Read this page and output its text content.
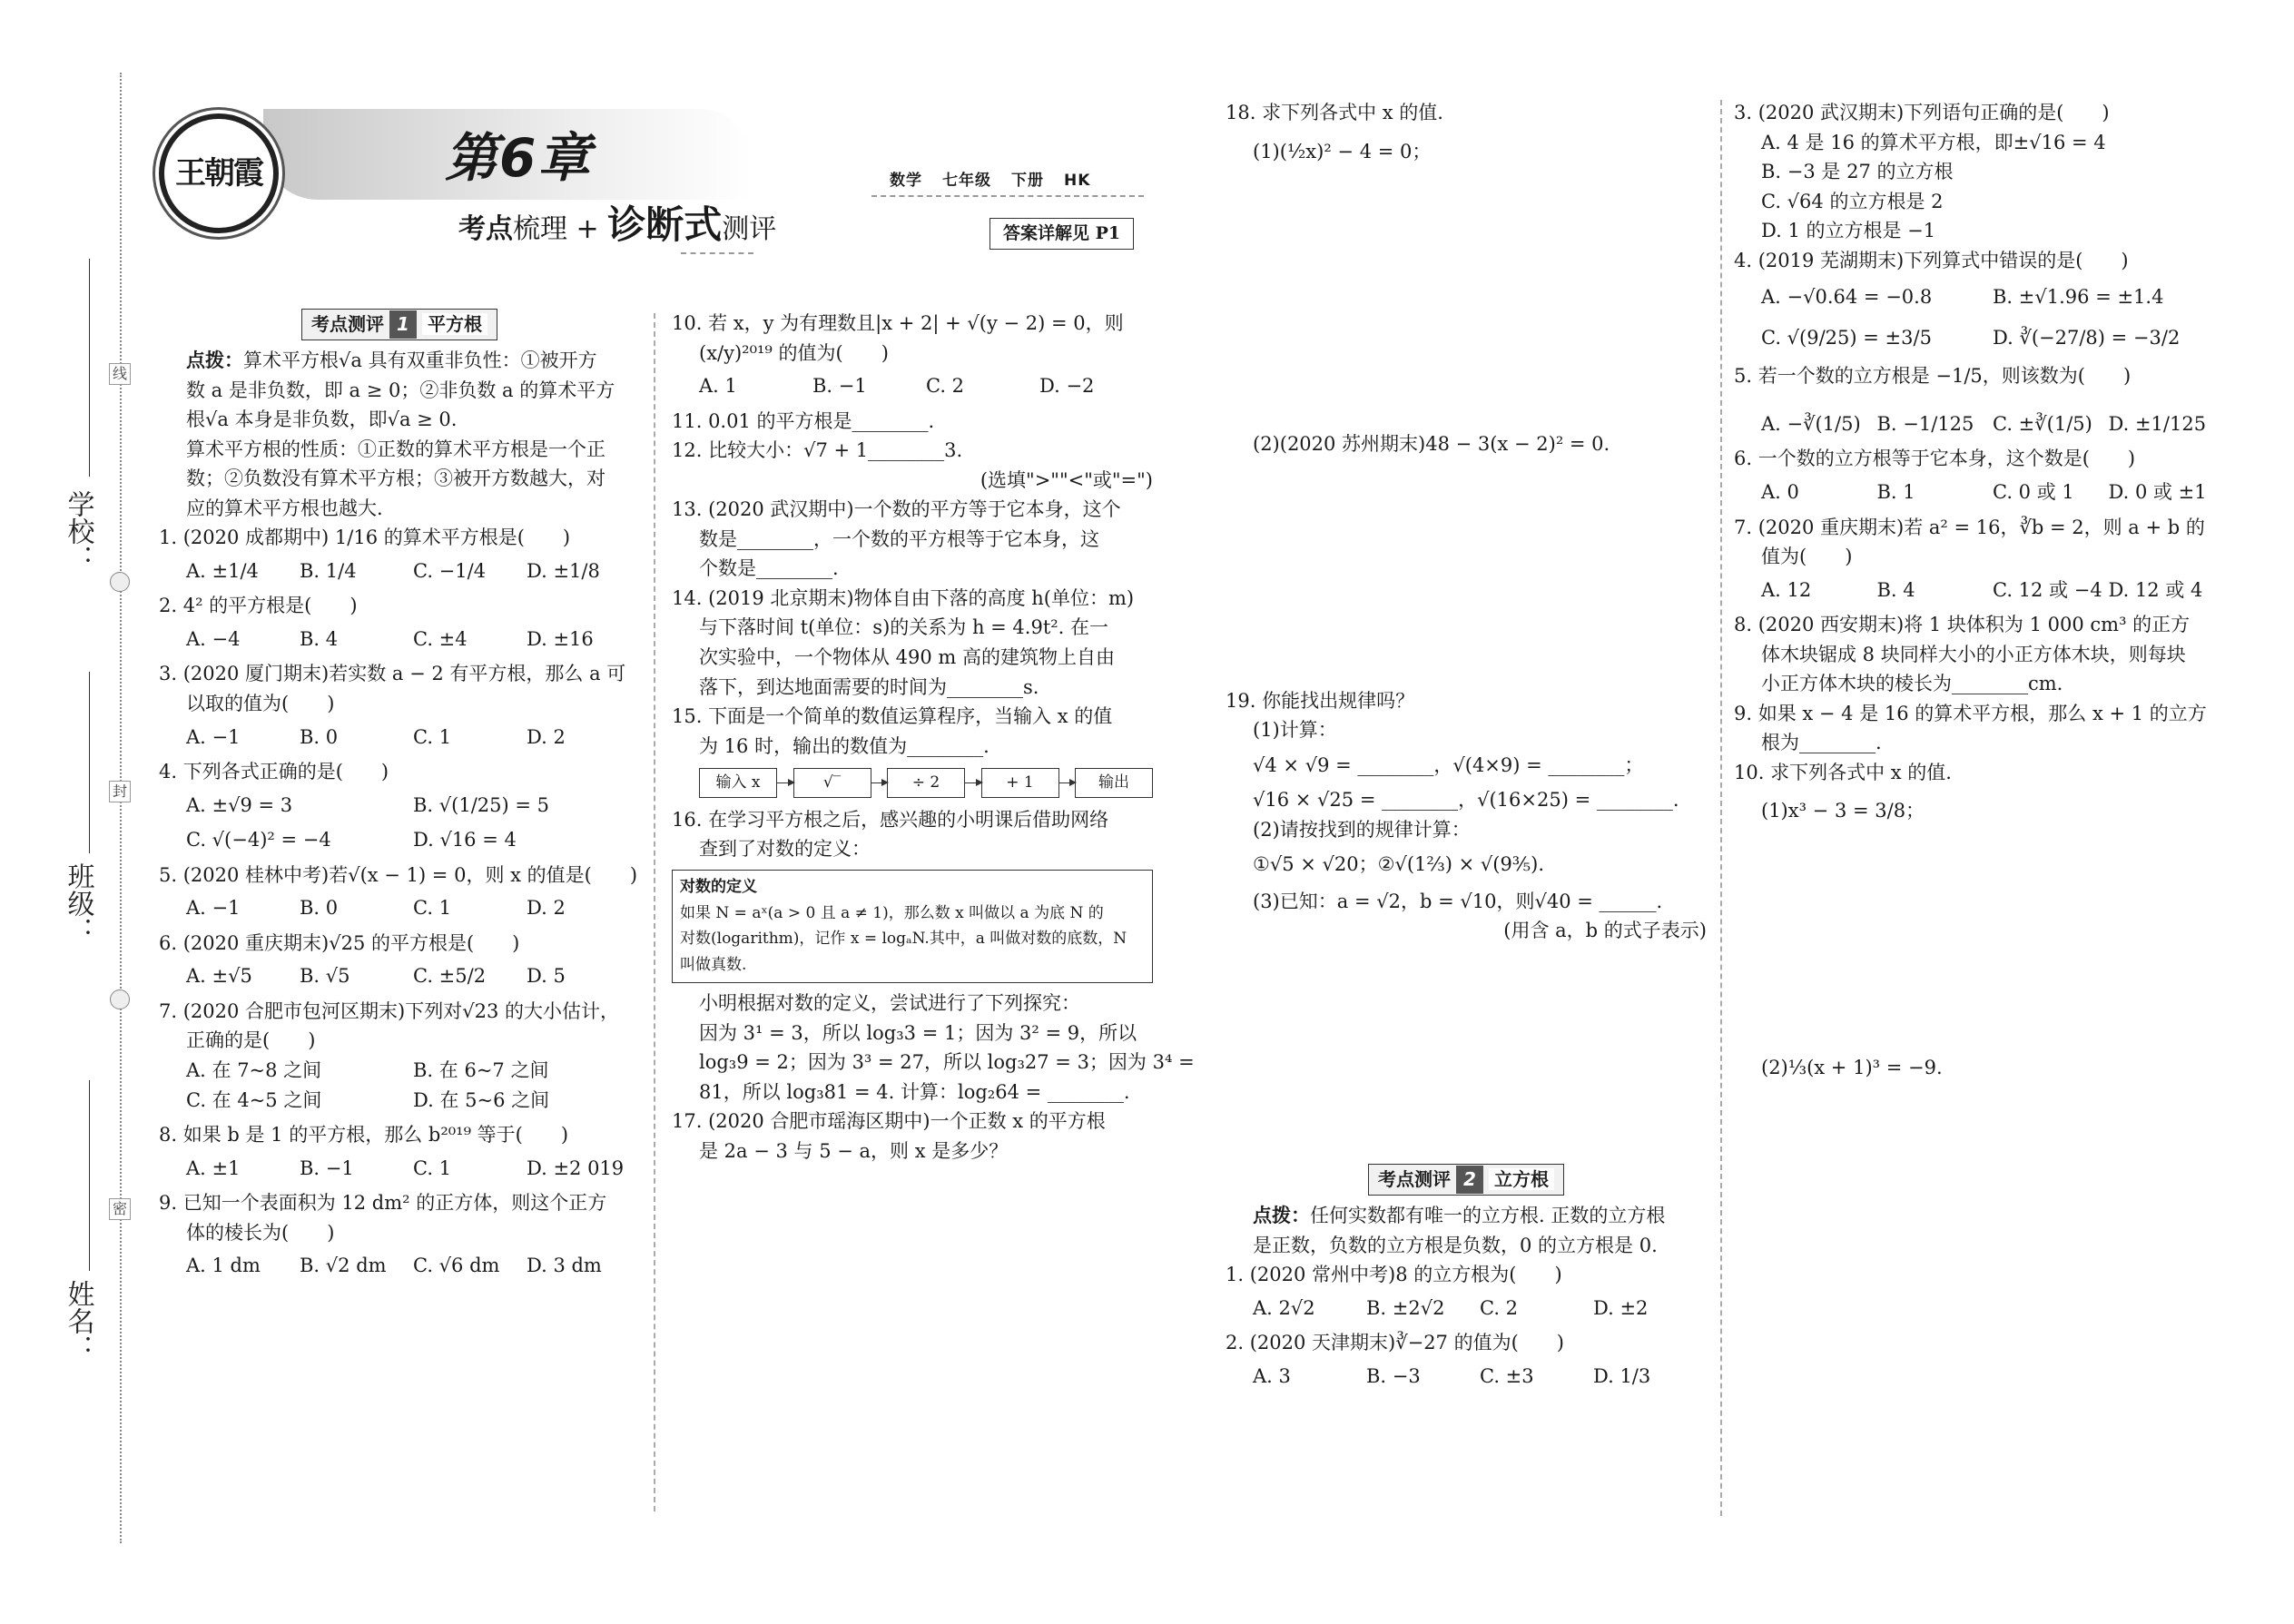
学校：
班级：
姓名：
线
封
密
王朝霞	第6章
考点梳理 + 诊断式测评
数学 七年级 下册 HK
答案详解见 P1
考点测评 1 平方根
点拨：算术平方根√a 具有双重非负性：①被开方
数 a 是非负数，即 a ≥ 0；②非负数 a 的算术平方
根√a 本身是非负数，即√a ≥ 0.
算术平方根的性质：①正数的算术平方根是一个正
数；②负数没有算术平方根；③被开方数越大，对
应的算术平方根也越大.
1. (2020 成都期中) 1/16 的算术平方根是(　　)
A. ±1/4	B. 1/4	C. −1/4	D. ±1/8
2. 4² 的平方根是(　　)
A. −4	B. 4	C. ±4	D. ±16
3. (2020 厦门期末)若实数 a − 2 有平方根，那么 a 可
以取的值为(　　)
A. −1	B. 0	C. 1	D. 2
4. 下列各式正确的是(　　)
A. ±√9 = 3	B. √(1/25) = 5
C. √(−4)² = −4	D. √16 = 4
5. (2020 桂林中考)若√(x − 1) = 0，则 x 的值是(　　)
A. −1	B. 0	C. 1	D. 2
6. (2020 重庆期末)√25 的平方根是(　　)
A. ±√5	B. √5	C. ±5/2	D. 5
7. (2020 合肥市包河区期末)下列对√23 的大小估计，
正确的是(　　)
A. 在 7~8 之间	B. 在 6~7 之间
C. 在 4~5 之间	D. 在 5~6 之间
8. 如果 b 是 1 的平方根，那么 b²⁰¹⁹ 等于(　　)
A. ±1	B. −1	C. 1	D. ±2 019
9. 已知一个表面积为 12 dm² 的正方体，则这个正方
体的棱长为(　　)
A. 1 dm	B. √2 dm	C. √6 dm	D. 3 dm
10. 若 x，y 为有理数且|x + 2| + √(y − 2) = 0，则
(x/y)²⁰¹⁹ 的值为(　　)
A. 1	B. −1	C. 2	D. −2
11. 0.01 的平方根是________.
12. 比较大小：√7 + 1________3.
(选填">""<"或"=")
13. (2020 武汉期中)一个数的平方等于它本身，这个
数是________，一个数的平方根等于它本身，这
个数是________.
14. (2019 北京期末)物体自由下落的高度 h(单位：m)
与下落时间 t(单位：s)的关系为 h = 4.9t². 在一
次实验中，一个物体从 490 m 高的建筑物上自由
落下，到达地面需要的时间为________s.
15. 下面是一个简单的数值运算程序，当输入 x 的值
为 16 时，输出的数值为________.
输入 x	√‾	÷ 2	+ 1	输出
16. 在学习平方根之后，感兴趣的小明课后借助网络
查到了对数的定义：
对数的定义
如果 N = aˣ(a > 0 且 a ≠ 1)，那么数 x 叫做以 a 为底 N 的
对数(logarithm)，记作 x = logₐN.其中，a 叫做对数的底数，N
叫做真数.
小明根据对数的定义，尝试进行了下列探究：
因为 3¹ = 3，所以 log₃3 = 1；因为 3² = 9，所以
log₃9 = 2；因为 3³ = 27，所以 log₃27 = 3；因为 3⁴ =
81，所以 log₃81 = 4. 计算：log₂64 = ________.
17. (2020 合肥市瑶海区期中)一个正数 x 的平方根
是 2a − 3 与 5 − a，则 x 是多少？
18. 求下列各式中 x 的值.
(1)(½x)² − 4 = 0；
(2)(2020 苏州期末)48 − 3(x − 2)² = 0.
19. 你能找出规律吗？
(1)计算：
√4 × √9 = ________，√(4×9) = ________；
√16 × √25 = ________，√(16×25) = ________.
(2)请按找到的规律计算：
①√5 × √20；②√(1⅔) × √(9⅗).
(3)已知：a = √2，b = √10，则√40 = ______.
(用含 a，b 的式子表示)
考点测评 2 立方根
点拨：任何实数都有唯一的立方根. 正数的立方根
是正数，负数的立方根是负数，0 的立方根是 0.
1. (2020 常州中考)8 的立方根为(　　)
A. 2√2	B. ±2√2	C. 2	D. ±2
2. (2020 天津期末)∛−27 的值为(　　)
A. 3	B. −3	C. ±3	D. 1/3
3. (2020 武汉期末)下列语句正确的是(　　)
A. 4 是 16 的算术平方根，即±√16 = 4
B. −3 是 27 的立方根
C. √64 的立方根是 2
D. 1 的立方根是 −1
4. (2019 芜湖期末)下列算式中错误的是(　　)
A. −√0.64 = −0.8	B. ±√1.96 = ±1.4
C. √(9/25) = ±3/5	D. ∛(−27/8) = −3/2
5. 若一个数的立方根是 −1/5，则该数为(　　)
A. −∛(1/5) B. −1/125 C. ±∛(1/5) D. ±1/125
6. 一个数的立方根等于它本身，这个数是(　　)
A. 0	B. 1	C. 0 或 1	D. 0 或 ±1
7. (2020 重庆期末)若 a² = 16，∛b = 2，则 a + b 的
值为(　　)
A. 12	B. 4	C. 12 或 −4 D. 12 或 4
8. (2020 西安期末)将 1 块体积为 1 000 cm³ 的正方
体木块锯成 8 块同样大小的小正方体木块，则每块
小正方体木块的棱长为________cm.
9. 如果 x − 4 是 16 的算术平方根，那么 x + 1 的立方
根为________.
10. 求下列各式中 x 的值.
(1)x³ − 3 = 3/8；
(2)⅓(x + 1)³ = −9.
